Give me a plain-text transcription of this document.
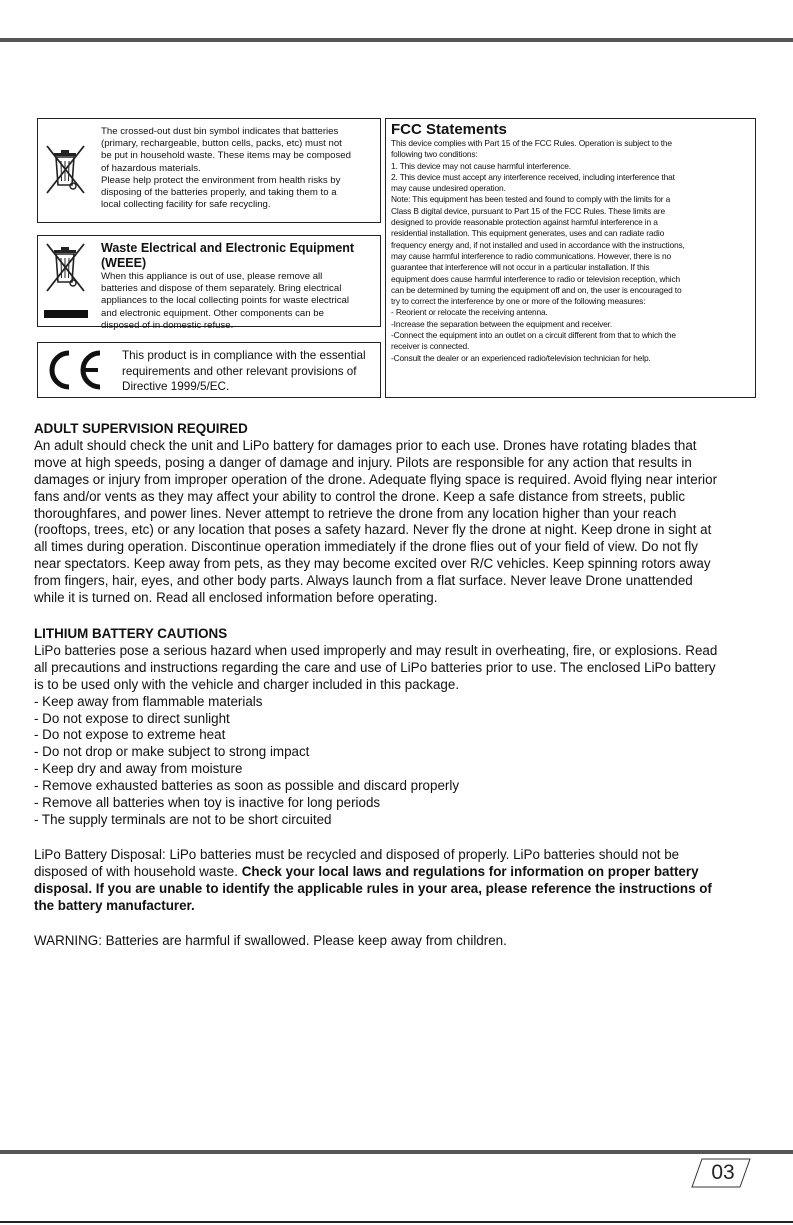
The crossed-out dust bin symbol indicates that batteries
(primary, rechargeable, button cells, packs, etc) must not
be put in household waste. These items may be composed
of hazardous materials.
Please help protect the environment from health risks by
disposing of the batteries properly, and taking them to a
local collecting facility for safe recycling.
Waste Electrical and Electronic Equipment (WEEE)
When this appliance is out of use, please remove all
batteries and dispose of them separately. Bring electrical
appliances to the local collecting points for waste electrical
and electronic equipment. Other components can be
disposed of in domestic refuse.
This product is in compliance with the essential
requirements and other relevant provisions of
Directive 1999/5/EC.
FCC Statements
This device complies with Part 15 of the FCC Rules. Operation is subject to the
following two conditions:
1. This device may not cause harmful interference.
2. This device must accept any interference received, including interference that
may cause undesired operation.
Note: This equipment has been tested and found to comply with the limits for a
Class B digital device, pursuant to Part 15 of the FCC Rules. These limits are
designed to provide reasonable protection against harmful interference in a
residential installation. This equipment generates, uses and can radiate radio
frequency energy and, if not installed and used in accordance with the instructions,
may cause harmful interference to radio communications. However, there is no
guarantee that interference will not occur in a particular installation. If this
equipment does cause harmful interference to radio or television reception, which
can be determined by turning the equipment off and on, the user is encouraged to
try to correct the interference by one or more of the following measures:
- Reorient or relocate the receiving antenna.
-Increase the separation between the equipment and receiver.
-Connect the equipment into an outlet on a circuit different from that to which the
receiver is connected.
-Consult the dealer or an experienced radio/television technician for help.
ADULT SUPERVISION REQUIRED
An adult should check the unit and LiPo battery for damages prior to each use. Drones have rotating blades that
move at high speeds, posing a danger of damage and injury. Pilots are responsible for any action that results in
damages or injury from improper operation of the drone. Adequate flying space is required. Avoid flying near interior
fans and/or vents as they may affect your ability to control the drone. Keep a safe distance from streets, public
thoroughfares, and power lines. Never attempt to retrieve the drone from any location higher than your reach
(rooftops, trees, etc) or any location that poses a safety hazard. Never fly the drone at night. Keep drone in sight at
all times during operation. Discontinue operation immediately if the drone flies out of your field of view. Do not fly
near spectators. Keep away from pets, as they may become excited over R/C vehicles. Keep spinning rotors away
from fingers, hair, eyes, and other body parts. Always launch from a flat surface. Never leave Drone unattended
while it is turned on. Read all enclosed information before operating.
LITHIUM BATTERY CAUTIONS
LiPo batteries pose a serious hazard when used improperly and may result in overheating, fire, or explosions. Read
all precautions and instructions regarding the care and use of LiPo batteries prior to use. The enclosed LiPo battery
is to be used only with the vehicle and charger included in this package.
- Keep away from flammable materials
- Do not expose to direct sunlight
- Do not expose to extreme heat
- Do not drop or make subject to strong impact
- Keep dry and away from moisture
- Remove exhausted batteries as soon as possible and discard properly
- Remove all batteries when toy is inactive for long periods
- The supply terminals are not to be short circuited
LiPo Battery Disposal: LiPo batteries must be recycled and disposed of properly. LiPo batteries should not be
disposed of with household waste. Check your local laws and regulations for information on proper battery
disposal. If you are unable to identify the applicable rules in your area, please reference the instructions of
the battery manufacturer.
WARNING: Batteries are harmful if swallowed. Please keep away from children.
03
